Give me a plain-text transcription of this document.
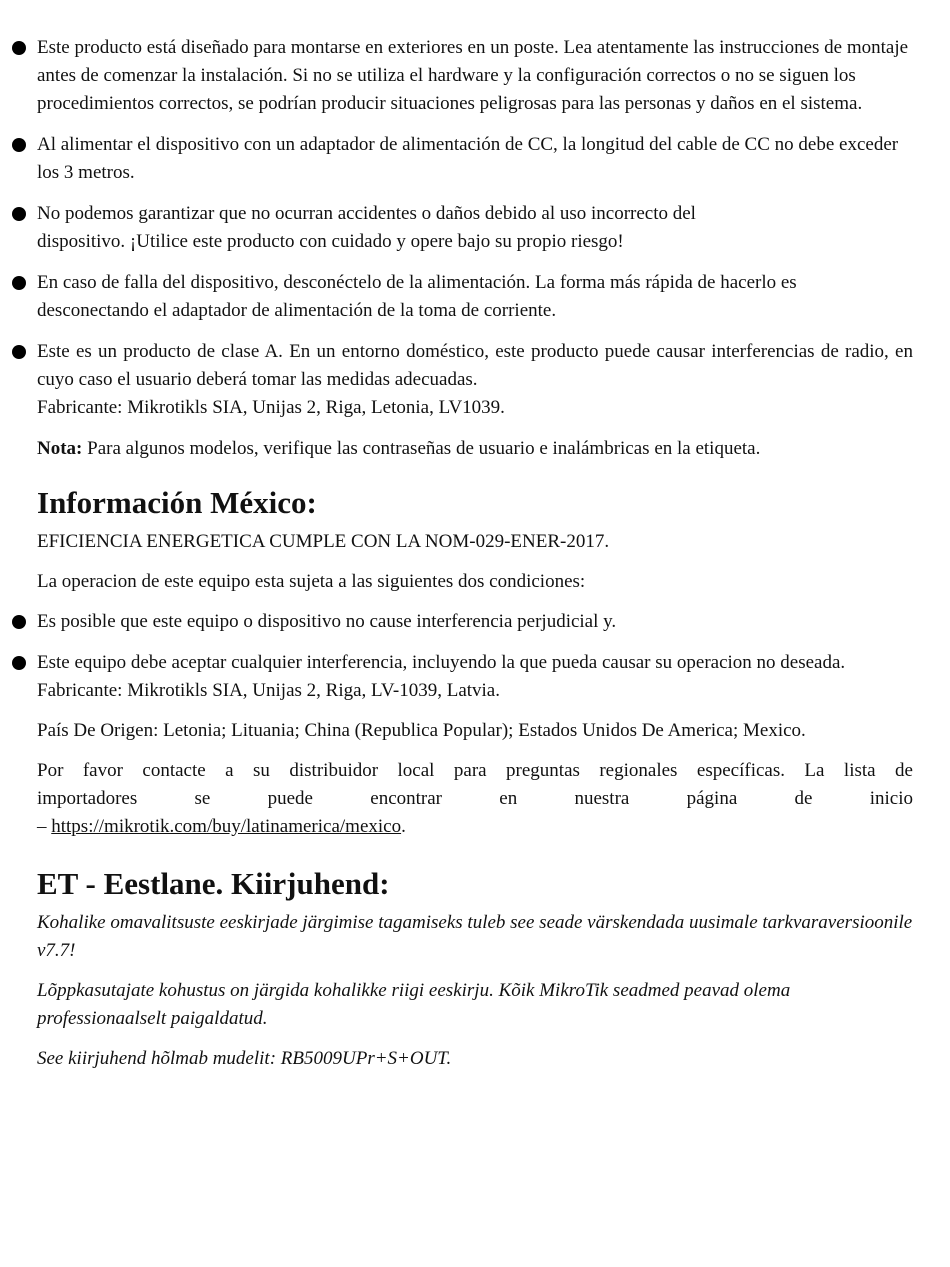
Este producto está diseñado para montarse en exteriores en un poste. Lea atentamente las instrucciones de montaje antes de comenzar la instalación. Si no se utiliza el hardware y la configuración correctos o no se siguen los procedimientos correctos, se podrían producir situaciones peligrosas para las personas y daños en el sistema.
Al alimentar el dispositivo con un adaptador de alimentación de CC, la longitud del cable de CC no debe exceder los 3 metros.
No podemos garantizar que no ocurran accidentes o daños debido al uso incorrecto del
dispositivo. ¡Utilice este producto con cuidado y opere bajo su propio riesgo!
En caso de falla del dispositivo, desconéctelo de la alimentación. La forma más rápida de hacerlo es desconectando el adaptador de alimentación de la toma de corriente.
Este es un producto de clase A. En un entorno doméstico, este producto puede causar interferencias de radio, en cuyo caso el usuario deberá tomar las medidas adecuadas.
Fabricante: Mikrotikls SIA, Unijas 2, Riga, Letonia, LV1039.

Nota: Para algunos modelos, verifique las contraseñas de usuario e inalámbricas en la etiqueta.

Información México:

EFICIENCIA ENERGETICA CUMPLE CON LA NOM-029-ENER-2017.

La operacion de este equipo esta sujeta a las siguientes dos condiciones:

Es posible que este equipo o dispositivo no cause interferencia perjudicial y.
Este equipo debe aceptar cualquier interferencia, incluyendo la que pueda causar su operacion no deseada.
Fabricante: Mikrotikls SIA, Unijas 2, Riga, LV-1039, Latvia.

País De Origen: Letonia; Lituania; China (Republica Popular); Estados Unidos De America; Mexico.

Por favor contacte a su distribuidor local para preguntas regionales específicas. La lista de
importadores se puede encontrar en nuestra página de inicio
– https://mikrotik.com/buy/latinamerica/mexico.

ET - Eestlane. Kiirjuhend:

Kohalike omavalitsuste eeskirjade järgimise tagamiseks tuleb see seade värskendada uusimale tarkvaraversioonile v7.7!

Lõppkasutajate kohustus on järgida kohalikke riigi eeskirju. Kõik MikroTik seadmed peavad olema professionaalselt paigaldatud.

See kiirjuhend hõlmab mudelit: RB5009UPr+S+OUT.
